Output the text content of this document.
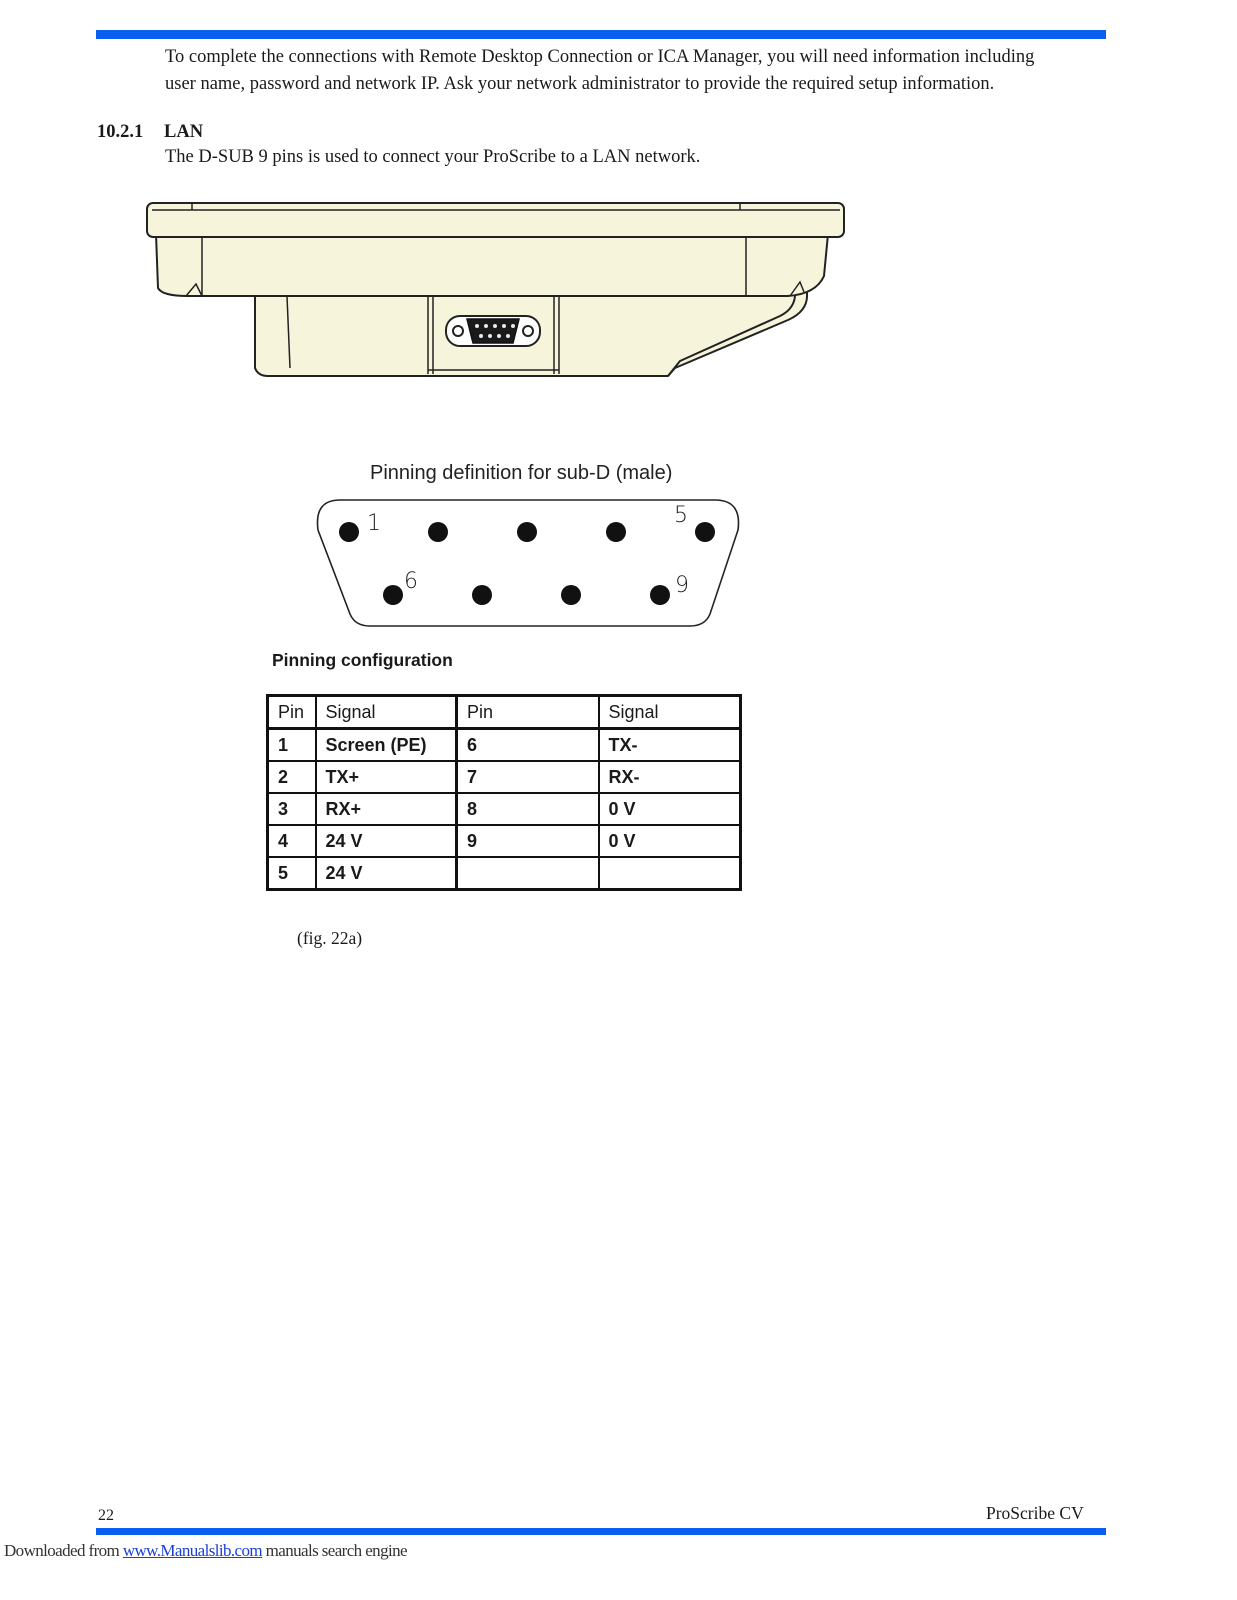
To complete the connections with Remote Desktop Connection or ICA Manager, you will need information including
user name, password and network IP. Ask your network administrator to provide the required setup information.

10.2.1 LAN

The D-SUB 9 pins is used to connect your ProScribe to a LAN network.

Pinning definition for sub-D (male)
1	5
6	9
Pinning configuration
Pin	Signal	Pin	Signal
1	Screen (PE)	6	TX-
2	TX+	7	RX-
3	RX+	8	0 V
4	24 V	9	0 V
5	24 V		
(fig. 22a)
22	ProScribe CV
Downloaded from www.Manualslib.com manuals search engine
